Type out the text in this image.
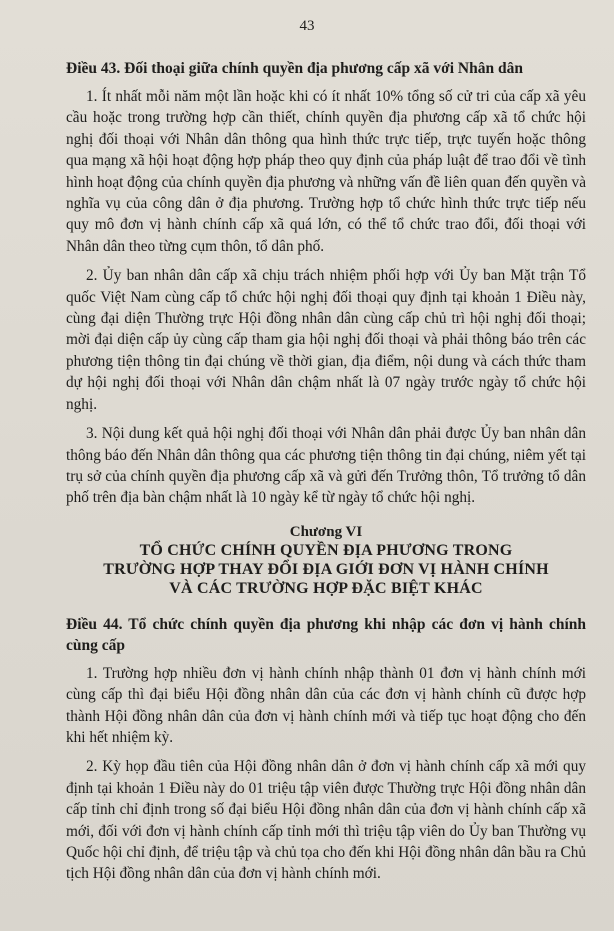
43
Điều 43. Đối thoại giữa chính quyền địa phương cấp xã với Nhân dân

1. Ít nhất mỗi năm một lần hoặc khi có ít nhất 10% tổng số cử tri của cấp xã yêu cầu hoặc trong trường hợp cần thiết, chính quyền địa phương cấp xã tổ chức hội nghị đối thoại với Nhân dân thông qua hình thức trực tiếp, trực tuyến hoặc thông qua mạng xã hội hoạt động hợp pháp theo quy định của pháp luật để trao đổi về tình hình hoạt động của chính quyền địa phương và những vấn đề liên quan đến quyền và nghĩa vụ của công dân ở địa phương. Trường hợp tổ chức hình thức trực tiếp nếu quy mô đơn vị hành chính cấp xã quá lớn, có thể tổ chức trao đổi, đối thoại với Nhân dân theo từng cụm thôn, tổ dân phố.

2. Ủy ban nhân dân cấp xã chịu trách nhiệm phối hợp với Ủy ban Mặt trận Tổ quốc Việt Nam cùng cấp tổ chức hội nghị đối thoại quy định tại khoản 1 Điều này, cùng đại diện Thường trực Hội đồng nhân dân cùng cấp chủ trì hội nghị đối thoại; mời đại diện cấp ủy cùng cấp tham gia hội nghị đối thoại và phải thông báo trên các phương tiện thông tin đại chúng về thời gian, địa điểm, nội dung và cách thức tham dự hội nghị đối thoại với Nhân dân chậm nhất là 07 ngày trước ngày tổ chức hội nghị.

3. Nội dung kết quả hội nghị đối thoại với Nhân dân phải được Ủy ban nhân dân thông báo đến Nhân dân thông qua các phương tiện thông tin đại chúng, niêm yết tại trụ sở của chính quyền địa phương cấp xã và gửi đến Trưởng thôn, Tổ trưởng tổ dân phố trên địa bàn chậm nhất là 10 ngày kể từ ngày tổ chức hội nghị.

Chương VI
TỔ CHỨC CHÍNH QUYỀN ĐỊA PHƯƠNG TRONG
TRƯỜNG HỢP THAY ĐỔI ĐỊA GIỚI ĐƠN VỊ HÀNH CHÍNH
VÀ CÁC TRƯỜNG HỢP ĐẶC BIỆT KHÁC
Điều 44. Tổ chức chính quyền địa phương khi nhập các đơn vị hành chính cùng cấp

1. Trường hợp nhiều đơn vị hành chính nhập thành 01 đơn vị hành chính mới cùng cấp thì đại biểu Hội đồng nhân dân của các đơn vị hành chính cũ được hợp thành Hội đồng nhân dân của đơn vị hành chính mới và tiếp tục hoạt động cho đến khi hết nhiệm kỳ.

2. Kỳ họp đầu tiên của Hội đồng nhân dân ở đơn vị hành chính cấp xã mới quy định tại khoản 1 Điều này do 01 triệu tập viên được Thường trực Hội đồng nhân dân cấp tỉnh chỉ định trong số đại biểu Hội đồng nhân dân của đơn vị hành chính cấp xã mới, đối với đơn vị hành chính cấp tỉnh mới thì triệu tập viên do Ủy ban Thường vụ Quốc hội chỉ định, để triệu tập và chủ tọa cho đến khi Hội đồng nhân dân bầu ra Chủ tịch Hội đồng nhân dân của đơn vị hành chính mới.
